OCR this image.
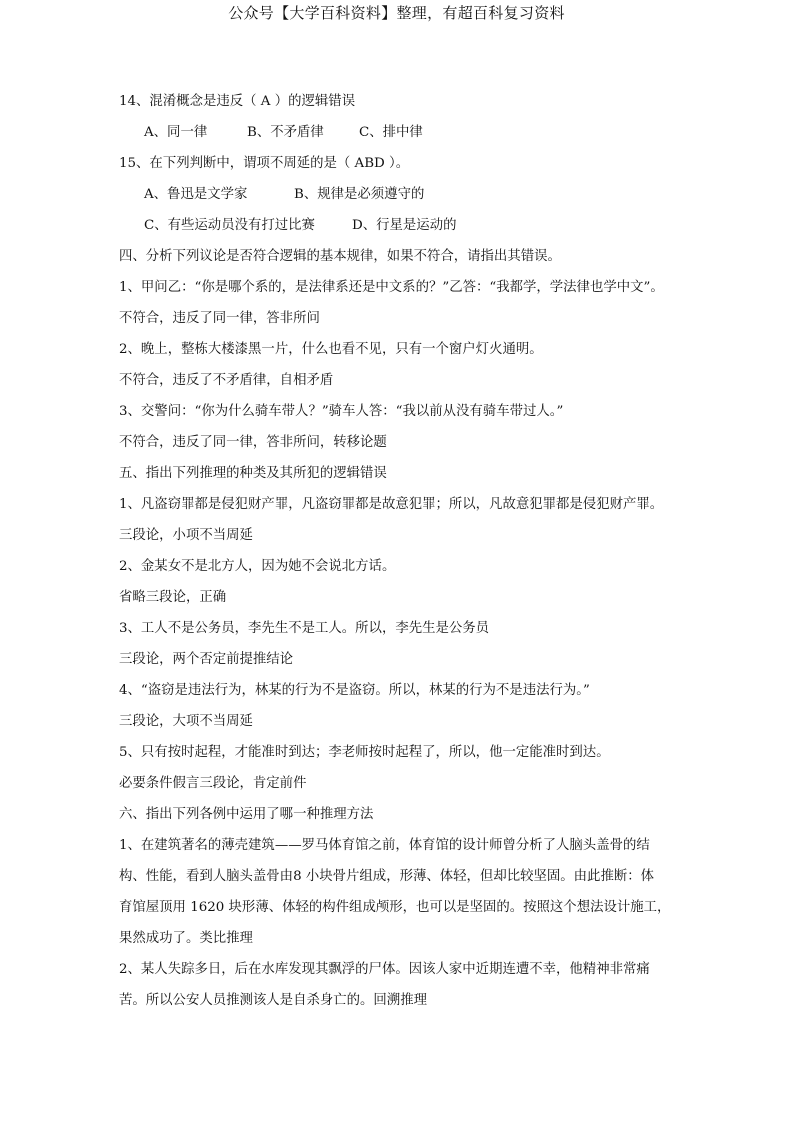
公众号【大学百科资料】整理，有超百科复习资料
14、混淆概念是违反（ A ）的逻辑错误
A、同一律	B、不矛盾律	C、排中律
15、在下列判断中，谓项不周延的是（ ABD ）。
A、鲁迅是文学家	B、规律是必须遵守的
C、有些运动员没有打过比赛	D、行星是运动的
四、分析下列议论是否符合逻辑的基本规律，如果不符合，请指出其错误。
1、甲问乙：“你是哪个系的，是法律系还是中文系的？”乙答：“我都学，学法律也学中文”。
不符合，违反了同一律，答非所问
2、晚上，整栋大楼漆黑一片，什么也看不见，只有一个窗户灯火通明。
不符合，违反了不矛盾律，自相矛盾
3、交警问：“你为什么骑车带人？”骑车人答：“我以前从没有骑车带过人。”
不符合，违反了同一律，答非所问，转移论题
五、指出下列推理的种类及其所犯的逻辑错误
1、凡盗窃罪都是侵犯财产罪，凡盗窃罪都是故意犯罪；所以，凡故意犯罪都是侵犯财产罪。
三段论，小项不当周延
2、金某女不是北方人，因为她不会说北方话。
省略三段论，正确
3、工人不是公务员，李先生不是工人。所以，李先生是公务员
三段论，两个否定前提推结论
4、“盗窃是违法行为，林某的行为不是盗窃。所以，林某的行为不是违法行为。”
三段论，大项不当周延
5、只有按时起程，才能准时到达；李老师按时起程了，所以，他一定能准时到达。
必要条件假言三段论，肯定前件
六、指出下列各例中运用了哪一种推理方法
1、在建筑著名的薄壳建筑——罗马体育馆之前，体育馆的设计师曾分析了人脑头盖骨的结
构、性能，看到人脑头盖骨由8 小块骨片组成，形薄、体轻，但却比较坚固。由此推断：体
育馆屋顶用 1620 块形薄、体轻的构件组成颅形，也可以是坚固的。按照这个想法设计施工，
果然成功了。类比推理
2、某人失踪多日，后在水库发现其飘浮的尸体。因该人家中近期连遭不幸，他精神非常痛
苦。所以公安人员推测该人是自杀身亡的。回溯推理
